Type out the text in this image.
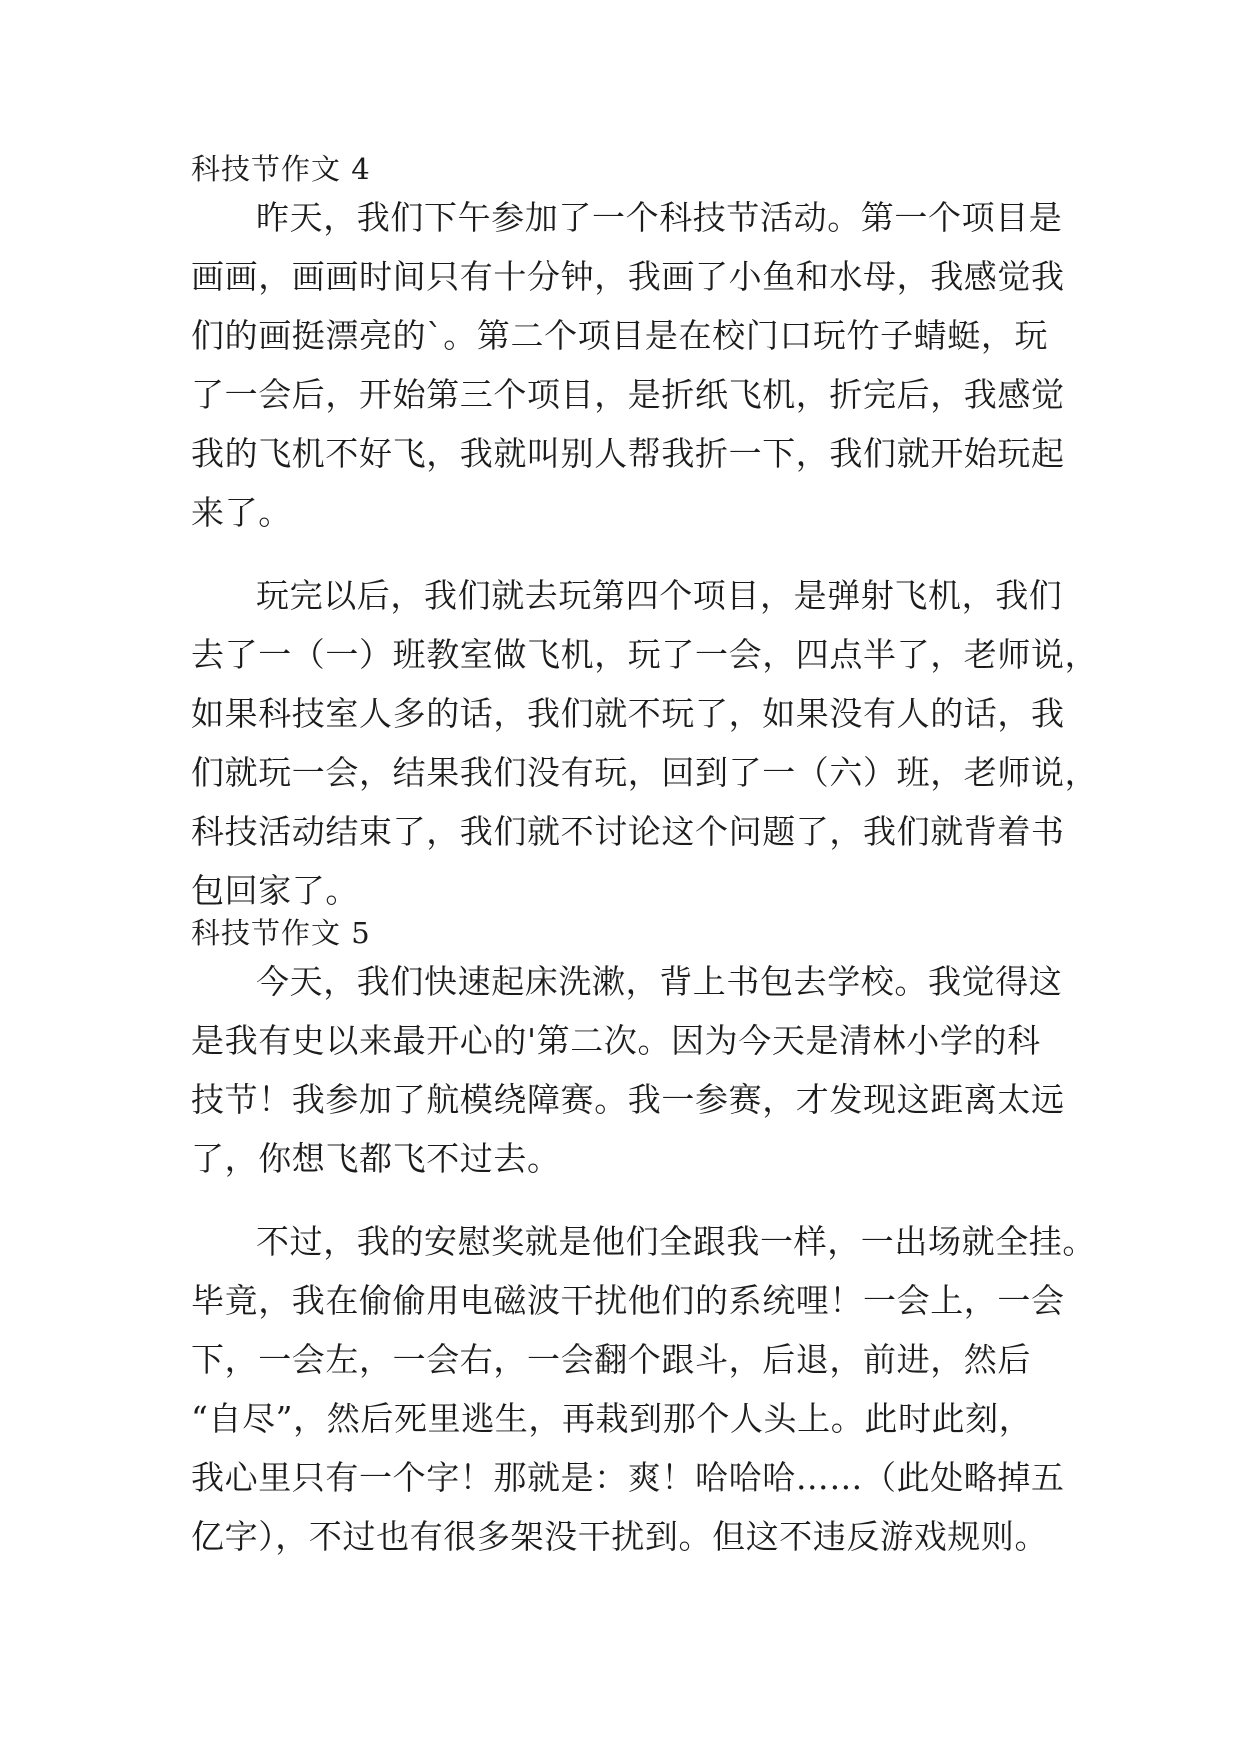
科技节作文 4
昨天，我们下午参加了一个科技节活动。第一个项目是
画画，画画时间只有十分钟，我画了小鱼和水母，我感觉我
们的画挺漂亮的`。第二个项目是在校门口玩竹子蜻蜓，玩
了一会后，开始第三个项目，是折纸飞机，折完后，我感觉
我的飞机不好飞，我就叫别人帮我折一下，我们就开始玩起
来了。
玩完以后，我们就去玩第四个项目，是弹射飞机，我们
去了一（一）班教室做飞机，玩了一会，四点半了，老师说，
如果科技室人多的话，我们就不玩了，如果没有人的话，我
们就玩一会，结果我们没有玩，回到了一（六）班，老师说，
科技活动结束了，我们就不讨论这个问题了，我们就背着书
包回家了。
科技节作文 5
今天，我们快速起床洗漱，背上书包去学校。我觉得这
是我有史以来最开心的'第二次。因为今天是清林小学的科
技节！我参加了航模绕障赛。我一参赛，才发现这距离太远
了，你想飞都飞不过去。
不过，我的安慰奖就是他们全跟我一样，一出场就全挂。
毕竟，我在偷偷用电磁波干扰他们的系统哩！一会上，一会
下，一会左，一会右，一会翻个跟斗，后退，前进，然后
“自尽”，然后死里逃生，再栽到那个人头上。此时此刻，
我心里只有一个字！那就是：爽！哈哈哈……（此处略掉五
亿字），不过也有很多架没干扰到。但这不违反游戏规则。
